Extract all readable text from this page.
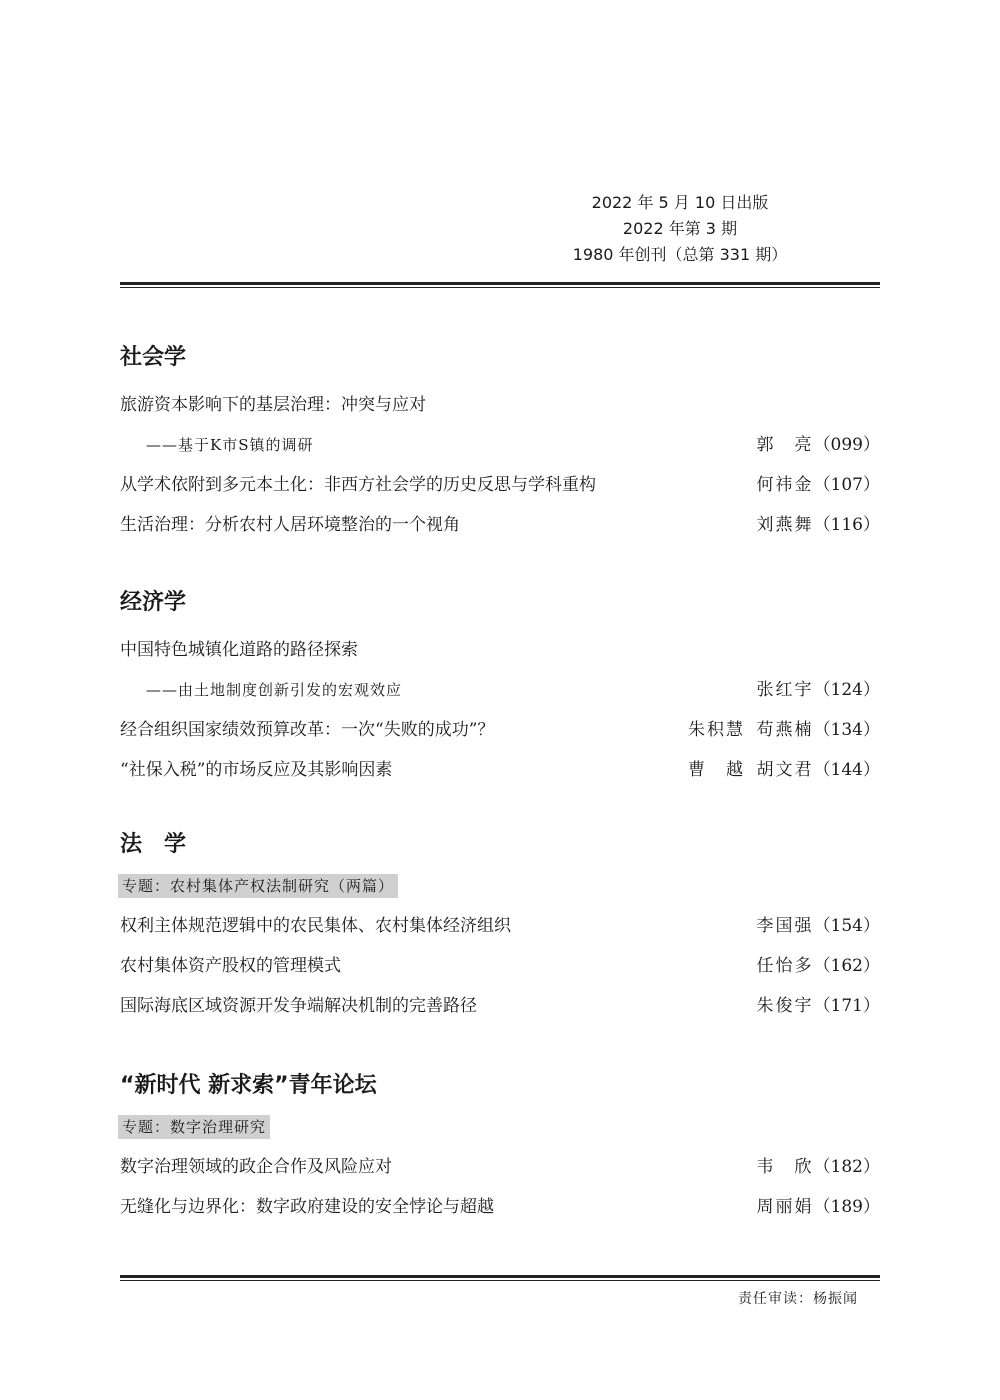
2022 年 5 月 10 日出版
2022 年第 3 期
1980 年创刊（总第 331 期）
社会学
旅游资本影响下的基层治理：冲突与应对
——基于K市S镇的调研	郭　亮（099）
从学术依附到多元本土化：非西方社会学的历史反思与学科重构	何祎金（107）
生活治理：分析农村人居环境整治的一个视角	刘燕舞（116）
经济学
中国特色城镇化道路的路径探索
——由土地制度创新引发的宏观效应	张红宇（124）
经合组织国家绩效预算改革：一次“失败的成功”？	朱积慧 苟燕楠（134）
“社保入税”的市场反应及其影响因素	曹　越 胡文君（144）
法　学
专题：农村集体产权法制研究（两篇）
权利主体规范逻辑中的农民集体、农村集体经济组织	李国强（154）
农村集体资产股权的管理模式	任怡多（162）
国际海底区域资源开发争端解决机制的完善路径	朱俊宇（171）
“新时代 新求索”青年论坛
专题：数字治理研究
数字治理领域的政企合作及风险应对	韦　欣（182）
无缝化与边界化：数字政府建设的安全悖论与超越	周丽娟（189）
责任审读：杨振闻
